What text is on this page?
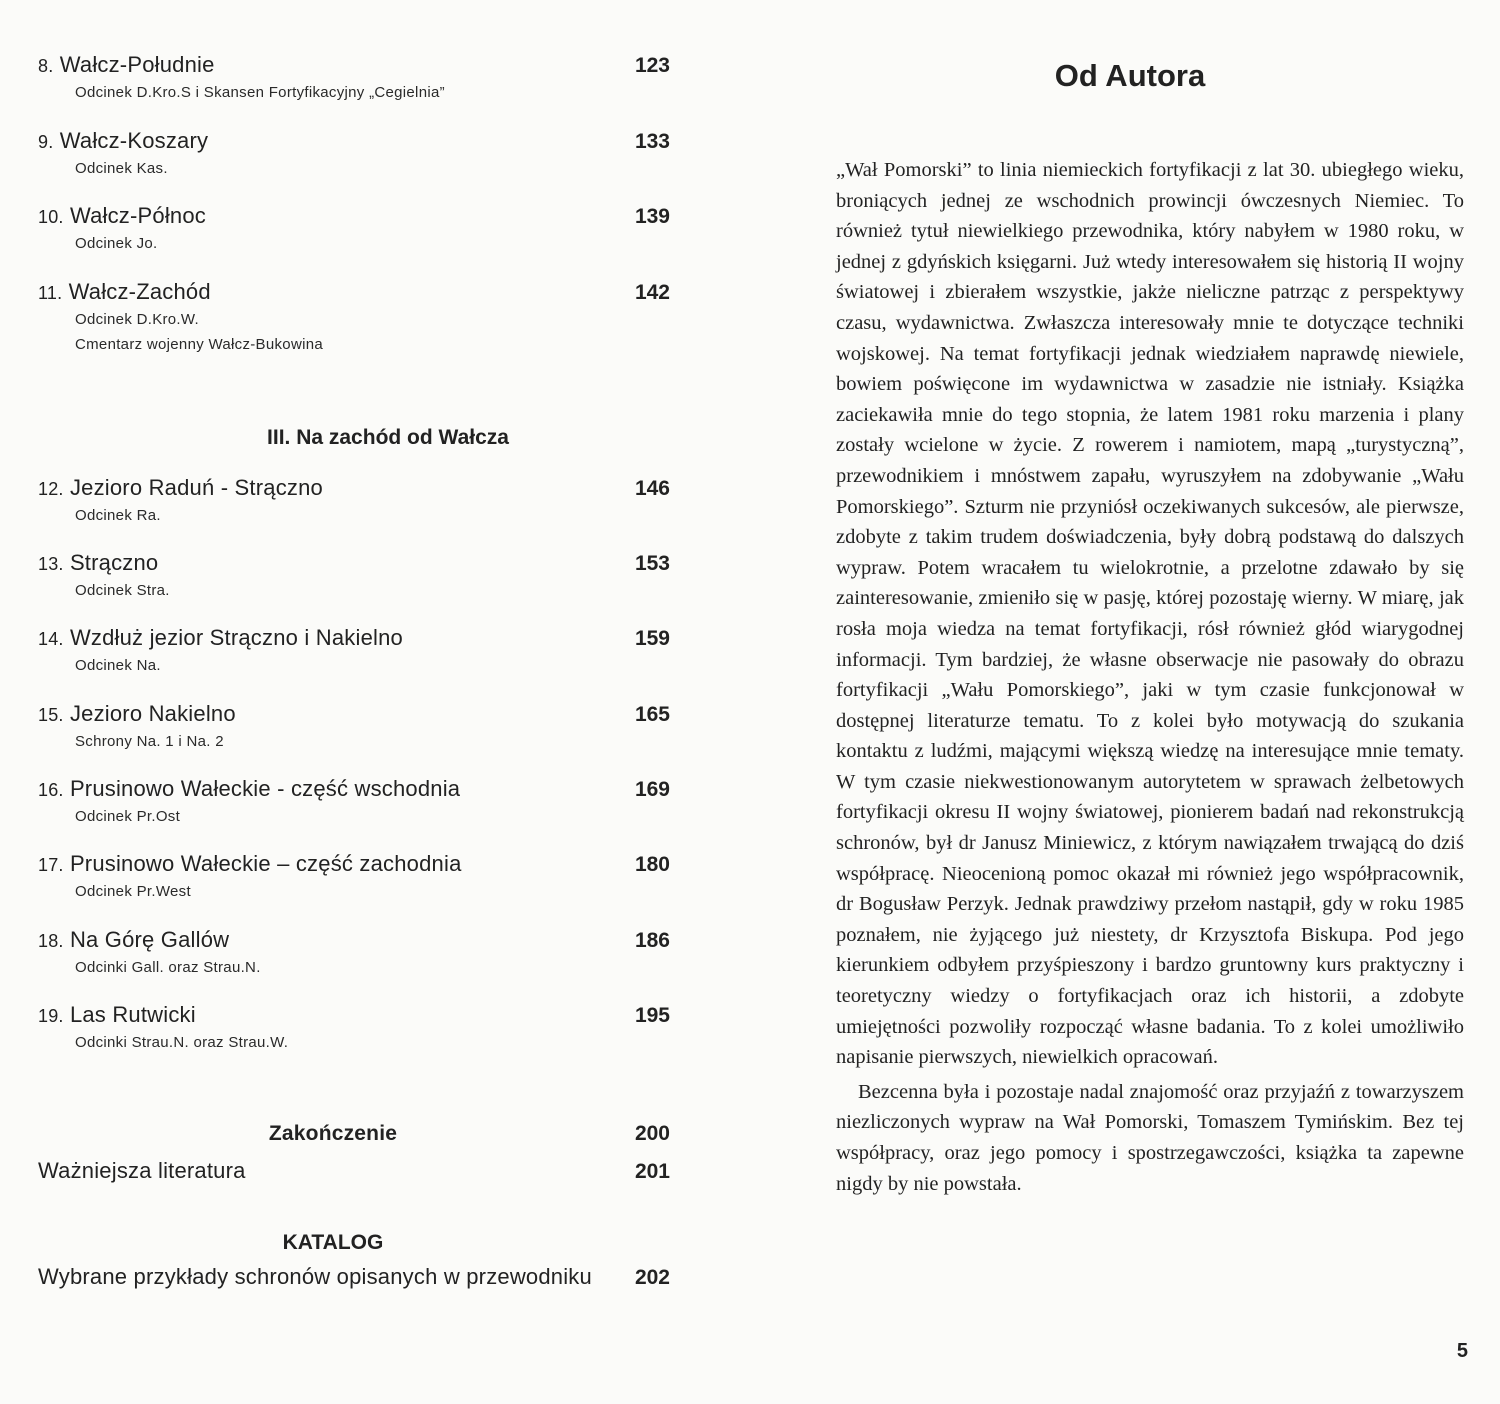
8. Wałcz-Południe	123
Odcinek D.Kro.S i Skansen Fortyfikacyjny „Cegielnia”
9. Wałcz-Koszary	133
Odcinek Kas.
10. Wałcz-Północ	139
Odcinek Jo.
11. Wałcz-Zachód	142
Odcinek D.Kro.W.
Cmentarz wojenny Wałcz-Bukowina
III. Na zachód od Wałcza
12. Jezioro Raduń - Strączno	146
Odcinek Ra.
13. Strączno	153
Odcinek Stra.
14. Wzdłuż jezior Strączno i Nakielno	159
Odcinek Na.
15. Jezioro Nakielno	165
Schrony Na. 1 i Na. 2
16. Prusinowo Wałeckie - część wschodnia	169
Odcinek Pr.Ost
17. Prusinowo Wałeckie – część zachodnia	180
Odcinek Pr.West
18. Na Górę Gallów	186
Odcinki Gall. oraz Strau.N.
19. Las Rutwicki	195
Odcinki Strau.N. oraz Strau.W.
Zakończenie	200
Ważniejsza literatura	201
KATALOG
Wybrane przykłady schronów opisanych w przewodniku 202
Od Autora

„Wał Pomorski” to linia niemieckich fortyfikacji z lat 30. ubiegłego wieku, broniących jednej ze wschodnich prowincji ówczesnych Niemiec. To również tytuł niewielkiego przewodnika, który nabyłem w 1980 roku, w jednej z gdyńskich księgarni. Już wtedy interesowałem się historią II wojny światowej i zbierałem wszystkie, jakże nieliczne patrząc z perspektywy czasu, wydawnictwa. Zwłaszcza interesowały mnie te dotyczące techniki wojskowej. Na temat fortyfikacji jednak wiedziałem naprawdę niewiele, bowiem poświęcone im wydawnictwa w zasadzie nie istniały. Książka zaciekawiła mnie do tego stopnia, że latem 1981 roku marzenia i plany zostały wcielone w życie. Z rowerem i namiotem, mapą „turystyczną”, przewodnikiem i mnóstwem zapału, wyruszyłem na zdobywanie „Wału Pomorskiego”. Szturm nie przyniósł oczekiwanych sukcesów, ale pierwsze, zdobyte z takim trudem doświadczenia, były dobrą podstawą do dalszych wypraw. Potem wracałem tu wielokrotnie, a przelotne zdawało by się zainteresowanie, zmieniło się w pasję, której pozostaję wierny. W miarę, jak rosła moja wiedza na temat fortyfikacji, rósł również głód wiarygodnej informacji. Tym bardziej, że własne obserwacje nie pasowały do obrazu fortyfikacji „Wału Pomorskiego”, jaki w tym czasie funkcjonował w dostępnej literaturze tematu. To z kolei było motywacją do szukania kontaktu z ludźmi, mającymi większą wiedzę na interesujące mnie tematy. W tym czasie niekwestionowanym autorytetem w sprawach żelbetowych fortyfikacji okresu II wojny światowej, pionierem badań nad rekonstrukcją schronów, był dr Janusz Miniewicz, z którym nawiązałem trwającą do dziś współpracę. Nieocenioną pomoc okazał mi również jego współpracownik, dr Bogusław Perzyk. Jednak prawdziwy przełom nastąpił, gdy w roku 1985 poznałem, nie żyjącego już niestety, dr Krzysztofa Biskupa. Pod jego kierunkiem odbyłem przyśpieszony i bardzo gruntowny kurs praktyczny i teoretyczny wiedzy o fortyfikacjach oraz ich historii, a zdobyte umiejętności pozwoliły rozpocząć własne badania. To z kolei umożliwiło napisanie pierwszych, niewielkich opracowań.

Bezcenna była i pozostaje nadal znajomość oraz przyjaźń z towarzyszem niezliczonych wypraw na Wał Pomorski, Tomaszem Tymińskim. Bez tej współpracy, oraz jego pomocy i spostrzegawczości, książka ta zapewne nigdy by nie powstała.

5
